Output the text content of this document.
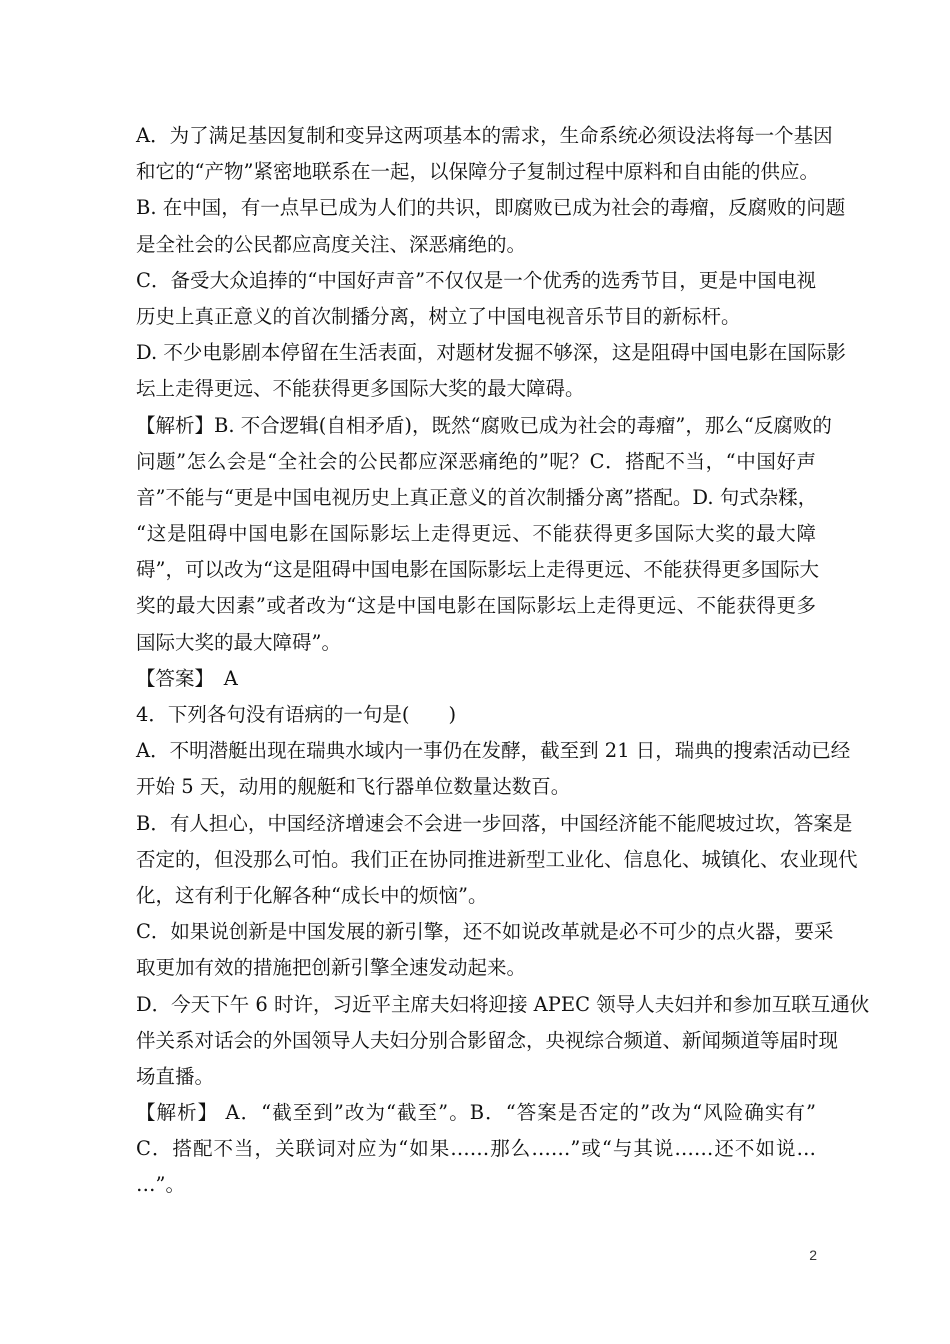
A．为了满足基因复制和变异这两项基本的需求，生命系统必须设法将每一个基因
和它的“产物”紧密地联系在一起，以保障分子复制过程中原料和自由能的供应。
B. 在中国，有一点早已成为人们的共识，即腐败已成为社会的毒瘤，反腐败的问题
是全社会的公民都应高度关注、深恶痛绝的。
C．备受大众追捧的“中国好声音”不仅仅是一个优秀的选秀节目，更是中国电视
历史上真正意义的首次制播分离，树立了中国电视音乐节目的新标杆。
D. 不少电影剧本停留在生活表面，对题材发掘不够深，这是阻碍中国电影在国际影
坛上走得更远、不能获得更多国际大奖的最大障碍。
【解析】B. 不合逻辑(自相矛盾)，既然“腐败已成为社会的毒瘤”，那么“反腐败的
问题”怎么会是“全社会的公民都应深恶痛绝的”呢？C．搭配不当，“中国好声
音”不能与“更是中国电视历史上真正意义的首次制播分离”搭配。D. 句式杂糅，
“这是阻碍中国电影在国际影坛上走得更远、不能获得更多国际大奖的最大障
碍”，可以改为“这是阻碍中国电影在国际影坛上走得更远、不能获得更多国际大
奖的最大因素”或者改为“这是中国电影在国际影坛上走得更远、不能获得更多
国际大奖的最大障碍”。
【答案】　A
4．下列各句没有语病的一句是(　　)
A．不明潜艇出现在瑞典水域内一事仍在发酵，截至到 21 日，瑞典的搜索活动已经
开始 5 天，动用的舰艇和飞行器单位数量达数百。
B．有人担心，中国经济增速会不会进一步回落，中国经济能不能爬坡过坎，答案是
否定的，但没那么可怕。我们正在协同推进新型工业化、信息化、城镇化、农业现代
化，这有利于化解各种“成长中的烦恼”。
C．如果说创新是中国发展的新引擎，还不如说改革就是必不可少的点火器，要采
取更加有效的措施把创新引擎全速发动起来。
D．今天下午 6 时许，习近平主席夫妇将迎接 APEC 领导人夫妇并和参加互联互通伙
伴关系对话会的外国领导人夫妇分别合影留念，央视综合频道、新闻频道等届时现
场直播。
【解析】 A．“截至到”改为“截至”。B．“答案是否定的”改为“风险确实有”
C．搭配不当，关联词对应为“如果……那么……”或“与其说……还不如说…
…”。
2
